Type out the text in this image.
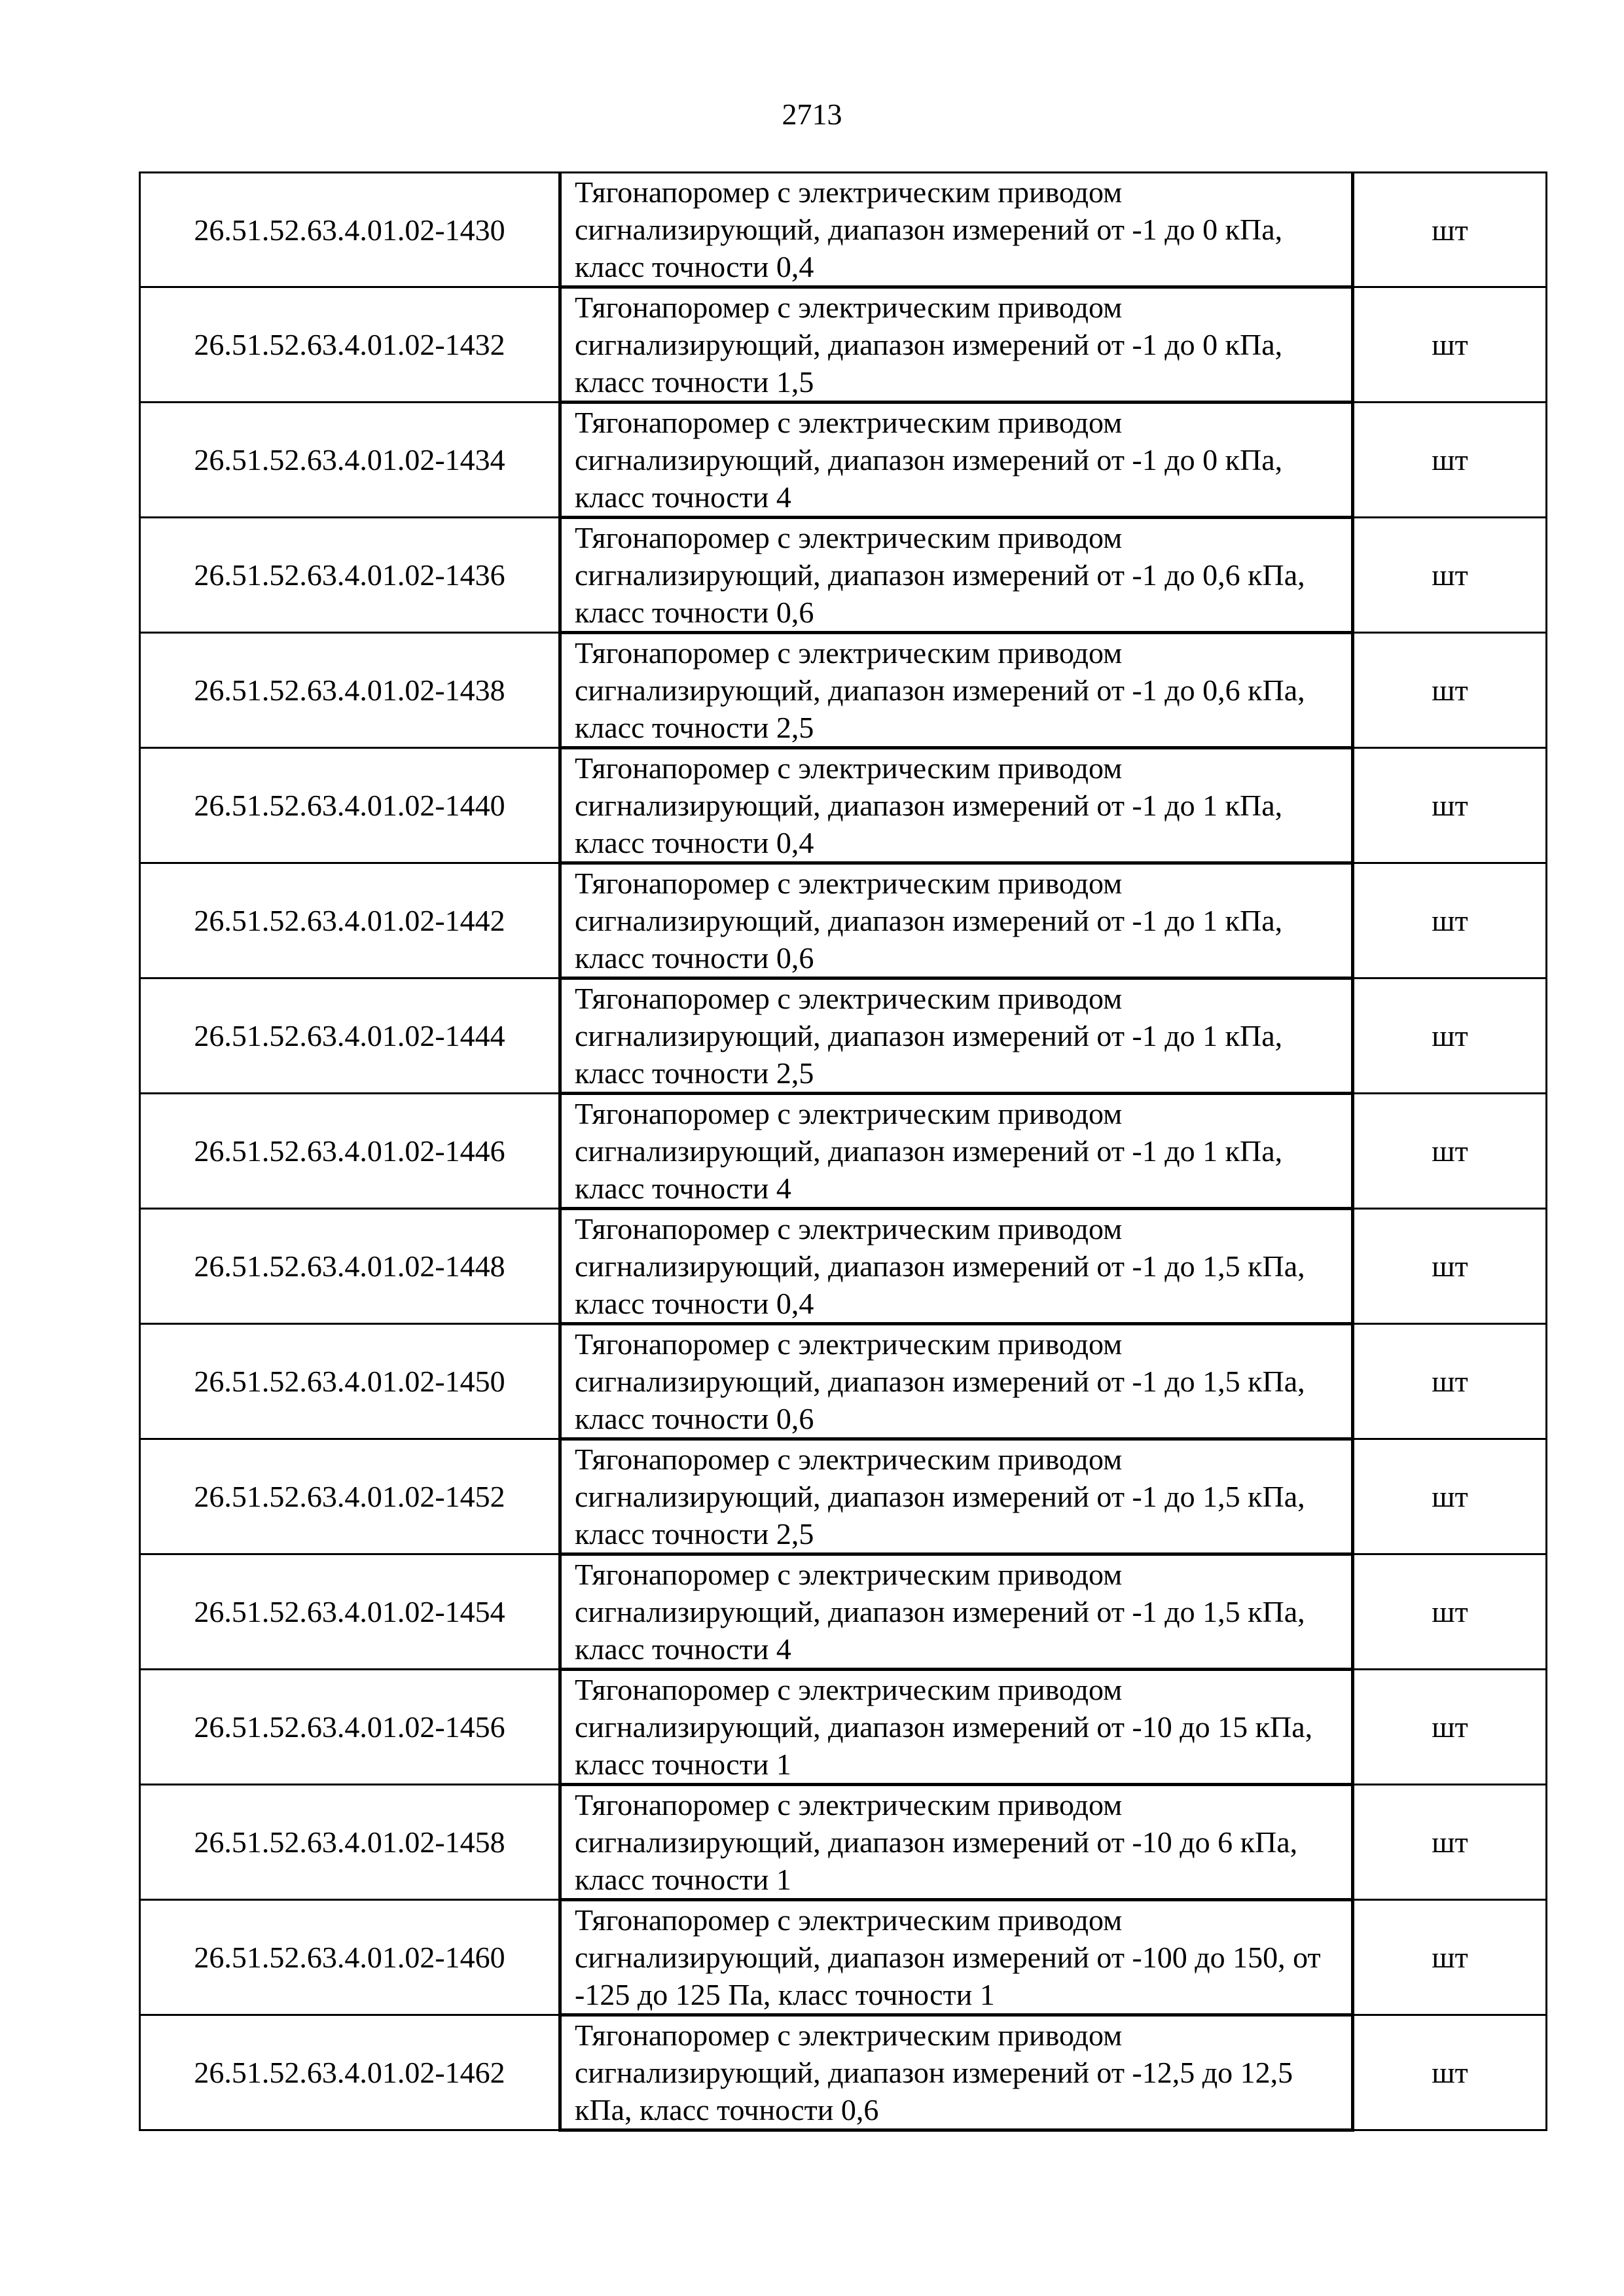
2713
26.51.52.63.4.01.02-1430	Тягонапоромер с электрическим приводом сигнализирующий, диапазон измерений от -1 до 0 кПа, класс точности 0,4	шт
26.51.52.63.4.01.02-1432	Тягонапоромер с электрическим приводом сигнализирующий, диапазон измерений от -1 до 0 кПа, класс точности 1,5	шт
26.51.52.63.4.01.02-1434	Тягонапоромер с электрическим приводом сигнализирующий, диапазон измерений от -1 до 0 кПа, класс точности 4	шт
26.51.52.63.4.01.02-1436	Тягонапоромер с электрическим приводом сигнализирующий, диапазон измерений от -1 до 0,6 кПа, класс точности 0,6	шт
26.51.52.63.4.01.02-1438	Тягонапоромер с электрическим приводом сигнализирующий, диапазон измерений от -1 до 0,6 кПа, класс точности 2,5	шт
26.51.52.63.4.01.02-1440	Тягонапоромер с электрическим приводом сигнализирующий, диапазон измерений от -1 до 1 кПа, класс точности 0,4	шт
26.51.52.63.4.01.02-1442	Тягонапоромер с электрическим приводом сигнализирующий, диапазон измерений от -1 до 1 кПа, класс точности 0,6	шт
26.51.52.63.4.01.02-1444	Тягонапоромер с электрическим приводом сигнализирующий, диапазон измерений от -1 до 1 кПа, класс точности 2,5	шт
26.51.52.63.4.01.02-1446	Тягонапоромер с электрическим приводом сигнализирующий, диапазон измерений от -1 до 1 кПа, класс точности 4	шт
26.51.52.63.4.01.02-1448	Тягонапоромер с электрическим приводом сигнализирующий, диапазон измерений от -1 до 1,5 кПа, класс точности 0,4	шт
26.51.52.63.4.01.02-1450	Тягонапоромер с электрическим приводом сигнализирующий, диапазон измерений от -1 до 1,5 кПа, класс точности 0,6	шт
26.51.52.63.4.01.02-1452	Тягонапоромер с электрическим приводом сигнализирующий, диапазон измерений от -1 до 1,5 кПа, класс точности 2,5	шт
26.51.52.63.4.01.02-1454	Тягонапоромер с электрическим приводом сигнализирующий, диапазон измерений от -1 до 1,5 кПа, класс точности 4	шт
26.51.52.63.4.01.02-1456	Тягонапоромер с электрическим приводом сигнализирующий, диапазон измерений от -10 до 15 кПа, класс точности 1	шт
26.51.52.63.4.01.02-1458	Тягонапоромер с электрическим приводом сигнализирующий, диапазон измерений от -10 до 6 кПа, класс точности 1	шт
26.51.52.63.4.01.02-1460	Тягонапоромер с электрическим приводом сигнализирующий, диапазон измерений от -100 до 150, от -125 до 125 Па, класс точности 1	шт
26.51.52.63.4.01.02-1462	Тягонапоромер с электрическим приводом сигнализирующий, диапазон измерений от -12,5 до 12,5 кПа, класс точности 0,6	шт
